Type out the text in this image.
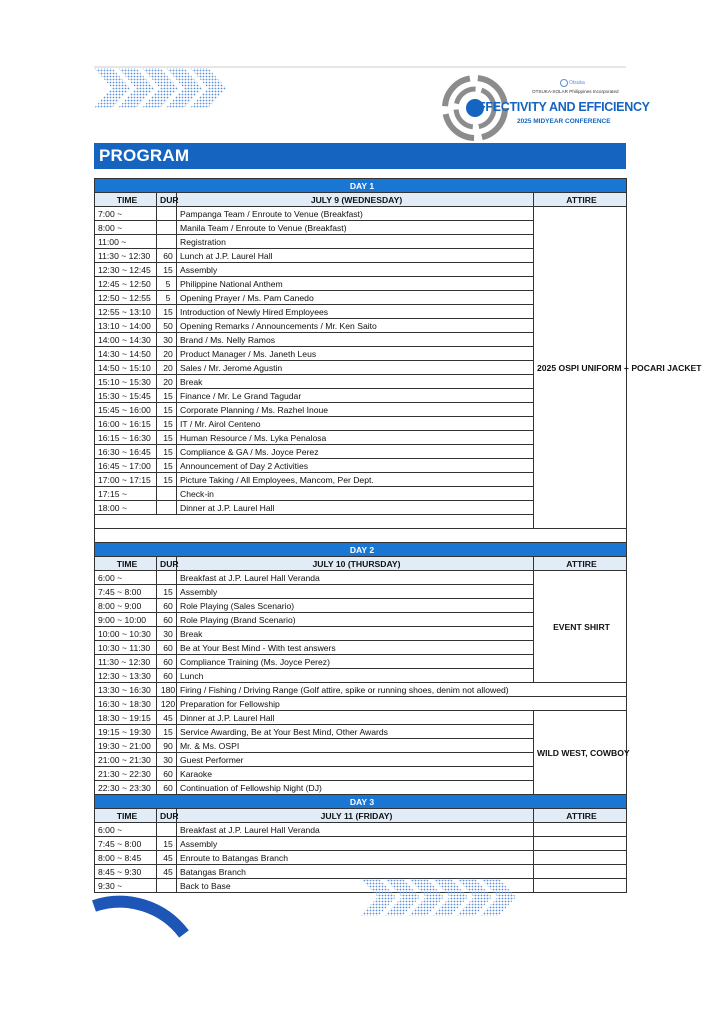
Otsuka
OTSUKA-SOLAR Philippines Incorporated
EFFECTIVITY AND EFFICIENCY
2025 MIDYEAR CONFERENCE
PROGRAM
DAY 1			
TIME	DUR	JULY 9 (WEDNESDAY)	ATTIRE
7:00 ~		Pampanga Team / Enroute to Venue (Breakfast)	2025 OSPI UNIFORM + POCARI JACKET
8:00 ~		Manila Team / Enroute to Venue (Breakfast)	
11:00 ~		Registration	
11:30 ~ 12:30	60	Lunch at J.P. Laurel Hall	
12:30 ~ 12:45	15	Assembly	
12:45 ~ 12:50	5	Philippine National Anthem	
12:50 ~ 12:55	5	Opening Prayer / Ms. Pam Canedo	
12:55 ~ 13:10	15	Introduction of Newly Hired Employees	
13:10 ~ 14:00	50	Opening Remarks / Announcements / Mr. Ken Saito	
14:00 ~ 14:30	30	Brand / Ms. Nelly Ramos	
14:30 ~ 14:50	20	Product Manager / Ms. Janeth Leus	
14:50 ~ 15:10	20	Sales / Mr. Jerome Agustin	
15:10 ~ 15:30	20	Break	
15:30 ~ 15:45	15	Finance / Mr. Le Grand Tagudar	
15:45 ~ 16:00	15	Corporate Planning / Ms. Razhel Inoue	
16:00 ~ 16:15	15	IT / Mr. Airol Centeno	
16:15 ~ 16:30	15	Human Resource / Ms. Lyka Penalosa	
16:30 ~ 16:45	15	Compliance & GA / Ms. Joyce Perez	
16:45 ~ 17:00	15	Announcement of Day 2 Activities	
17:00 ~ 17:15	15	Picture Taking / All Employees, Mancom, Per Dept.	
17:15 ~		Check-in	
18:00 ~		Dinner at J.P. Laurel Hall	

DAY 2			
TIME	DUR	JULY 10 (THURSDAY)	ATTIRE
6:00 ~		Breakfast at J.P. Laurel Hall Veranda	EVENT SHIRT
7:45 ~ 8:00	15	Assembly	
8:00 ~ 9:00	60	Role Playing (Sales Scenario)	
9:00 ~ 10:00	60	Role Playing (Brand Scenario)	
10:00 ~ 10:30	30	Break	
10:30 ~ 11:30	60	Be at Your Best Mind - With test answers	
11:30 ~ 12:30	60	Compliance Training (Ms. Joyce Perez)	
12:30 ~ 13:30	60	Lunch	
13:30 ~ 16:30	180	Firing / Fishing / Driving Range (Golf attire, spike or running shoes, denim not allowed)	
16:30 ~ 18:30	120	Preparation for Fellowship	
18:30 ~ 19:15	45	Dinner at J.P. Laurel Hall	WILD WEST, COWBOY
19:15 ~ 19:30	15	Service Awarding, Be at Your Best Mind, Other Awards	
19:30 ~ 21:00	90	Mr. & Ms. OSPI	
21:00 ~ 21:30	30	Guest Performer	
21:30 ~ 22:30	60	Karaoke	
22:30 ~ 23:30	60	Continuation of Fellowship Night (DJ)	
DAY 3			
TIME	DUR	JULY 11 (FRIDAY)	ATTIRE
6:00 ~		Breakfast at J.P. Laurel Hall Veranda	
7:45 ~ 8:00	15	Assembly	
8:00 ~ 8:45	45	Enroute to Batangas Branch	
8:45 ~ 9:30	45	Batangas Branch	
9:30 ~		Back to Base	
